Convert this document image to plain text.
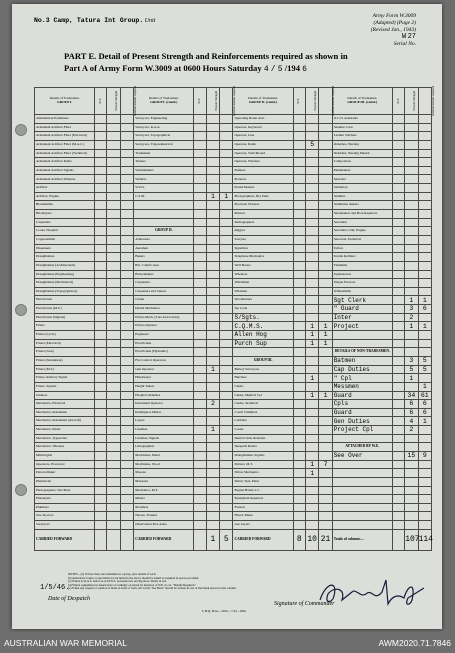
No.3 Camp, Tatura Int Group. Unit
Army Form W.3009
(Adapted) (Page 2)
(Revised Jan., 1943)
W 27
Serial No.
PART E. Detail of Present Strength and Reinforcements required as shown in
Part A of Army Form W.3009 at 0600 Hours Saturday 4 / 5 /194 6
Details of Tradesmen.
GROUP I.	W.E.	Present Strength	Reinforcements required	Details of Tradesmen.
GROUP I. (contd.)	W.E.	Present Strength	Reinforcements required	Details of Tradesmen.
GROUP II. (contd.)	W.E.	Present Strength	Reinforcements required	Details of Tradesmen.
GROUP III. (contd.)	W.E.	Present Strength	Reinforcements required
Ammunition Examiners				Surveyors, Engineering				Operating Room Asst.				O.C.O. Assistants			
Armament Artificer Fitter				Surveyors, R.A.A.				Operator, Keyboard				Steamer Crew			
Armament Artificer Fitter (Electrical)				Surveyors, Topographical				Operator, Line				Leather Stitchers			
Armament Artificer Fitter (M.A.C.)				Surveyors, Trigonometrical				Operator, Radio		5		Orderlies, Nursing			
Armament Artificer Fitter (Technical)				Tradesmen				Operator, Switchboard				Orderlies, Nursing Mental			
Armament Artificer Radio				Turners				Operator, Wireless				Compositors			
Armament Artificer Signals				Watchmakers				Painters				Platemakers			
Armament Artificer Wireless				Welders				Pioneers				Stretcher			
Artificer				W.O.S.				Pound Dealers				Sanitation			
Artificer, Engine				C.S.M.		1	1	Photographers, Dry Plate				Saddlers			
Blacksmiths								Precision Workers				Saddletree makers			
Bricklayers								Printers				Shoemakers and Boot Repairers			
Carpenters								Radiographers				Storemen			
Cooks, Hospital				GROUP II.				Riggers				Storemen, Unit, Engine			
Coppersmiths				Armourers				Sawyers				Stewards, Technical			
Dispensers				Automen				Signallers				Tailors			
Draughtsmen				Bakers				Telephone Mechanics				Textile Refitters			
Draughtsmen (Architectural)				Bat. Comd's Asst.				Well Borers				Tinsmiths			
Draughtsmen (Engineering)				Boilermakers				Wheelers				Upholsterers			
Draughtsmen (Mechanical)				Carpenters				Winchmen				Wagon Erectors			
Draughtsmen (Topographical)				Carpenters and Joiners				Wiremen				Whitesmiths			
Electricians				Clerks				Woodturners				Sgt Clerk		1	1
Electricians (M.T.)				Dental Mechanics				Sgt Cook				" Guard		3	6
Electricians (Signals)				Driver-Mech. (Cars and Lorries)				S/Sgts.				Inter		2	
Fitters				Driver-Operator				C.Q.M.S.		1	1	Project		1	1
Fitters (Cycle)				Engineers				Allen Hog		1	1				
Fitters (Electrical)				Electricians				Purch Sup		1	1				
Fitters (Gun)				Electricians (Hydraulic)								DETAILS OF NON-TRADESMEN.			
Fitters (Instrument)				Fire Control Operators				GROUP III.				Batmen		3	5
Fitters (M.T.)				Gun Operator		1		Battery Surveyors				Cap Duties		5	5
Fitters, Railway Signal				Hairdresser				Butchers		1		" Cpl		1	
Fitters, Signals				Height Takers				Clerks				Messmen			1
Glaziers				Hospital Orderlies				Clerks, Medical Cpl		1	1	Guard		34	61
Mechanics, Electrical				Instrument Operator		2		Clerks, Technical				Cpls		6	6
Mechanics, Instrument				Intelligence Duties				Coach Trimmers				Guard		6	6
Mechanics, Instrument (Aircraft)				Layers				Cobblers				Gen Duties		4	1
Mechanics, Radio				Linemen		1		Cooks				Project Cpl		2	
Mechanics, Typewriter				Linemen, Signals				Dental Clerk Orderlies							
Mechanics, Wireless				Lithographers				Despatch Riders				ATTACHED BY W.E.			
Millwrights				Machinists, Metal				Draughtsmen, Signals				See Over		15	9
Operators, Excavator				Machinists, Wood				Drivers, M.T.		1	7				
Pattern Maker				Masons				Driver Mechanics		1					
Pharmacist				Masseurs				Driver Tpts, Plant							
Photographers, Wet Plate				Mechanics, M.T.				Engine Hands, I.C.							
Platelayers				Miners				Equipment Repairers							
Plumbers				Moulders				Farriers							
Saw Doctors				Nurses, Trained				Fitters' Mates							
Surveyors				Observation Post Assts.				Gas Layers							
CARRIED FORWARD				CARRIED FORWARD		1	5	CARRIED FORWARD	8	10	21	Totals of columns ...		107	114
NOTES—(a) If more than one tradesman in a group, give details of each.
(b) Armourers' trades or specialists not included in the above should be added as required in spaces provided.
(c) Where A.W.A.S. and/or A.A.M.W.S. personnel are serving show details in red.
(d) Where equipment not issued state accordingly on return by insertion of N.E. in col. "Details Required."
(e) When any request or solution is made in back of form, the words "See Back" should be written in one of the blank spaces in this column.
1/5/46.
Date of Despatch
L.H.Q. Press—2001—7.45—63m.
Signature of Commander
AUSTRALIAN WAR MEMORIAL	AWM2020.71.7846
